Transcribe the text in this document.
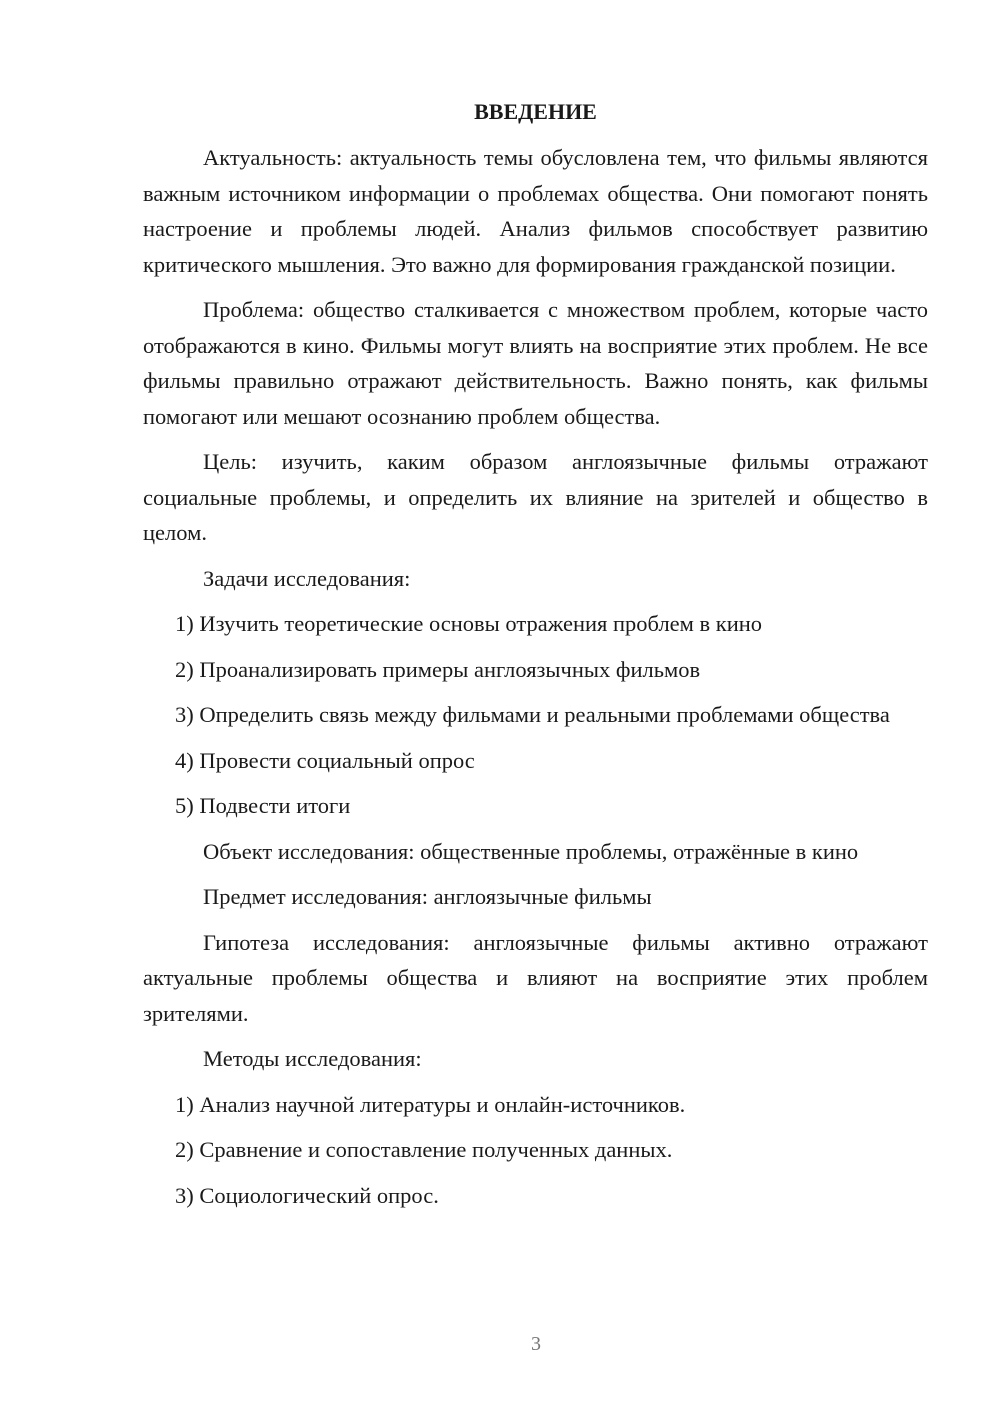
ВВЕДЕНИЕ
Актуальность: актуальность темы обусловлена тем, что фильмы являются важным источником информации о проблемах общества. Они помогают понять настроение и проблемы людей. Анализ фильмов способствует развитию критического мышления. Это важно для формирования гражданской позиции.
Проблема: общество сталкивается с множеством проблем, которые часто отображаются в кино. Фильмы могут влиять на восприятие этих проблем. Не все фильмы правильно отражают действительность. Важно понять, как фильмы помогают или мешают осознанию проблем общества.
Цель: изучить, каким образом англоязычные фильмы отражают социальные проблемы, и определить их влияние на зрителей и общество в целом.
Задачи исследования:
1) Изучить теоретические основы отражения проблем в кино
2) Проанализировать примеры англоязычных фильмов
3) Определить связь между фильмами и реальными проблемами общества
4) Провести социальный опрос
5) Подвести итоги
Объект исследования: общественные проблемы, отражённые в кино
Предмет исследования: англоязычные фильмы
Гипотеза исследования: англоязычные фильмы активно отражают актуальные проблемы общества и влияют на восприятие этих проблем зрителями.
Методы исследования:
1) Анализ научной литературы и онлайн-источников.
2) Сравнение и сопоставление полученных данных.
3) Социологический опрос.
3
